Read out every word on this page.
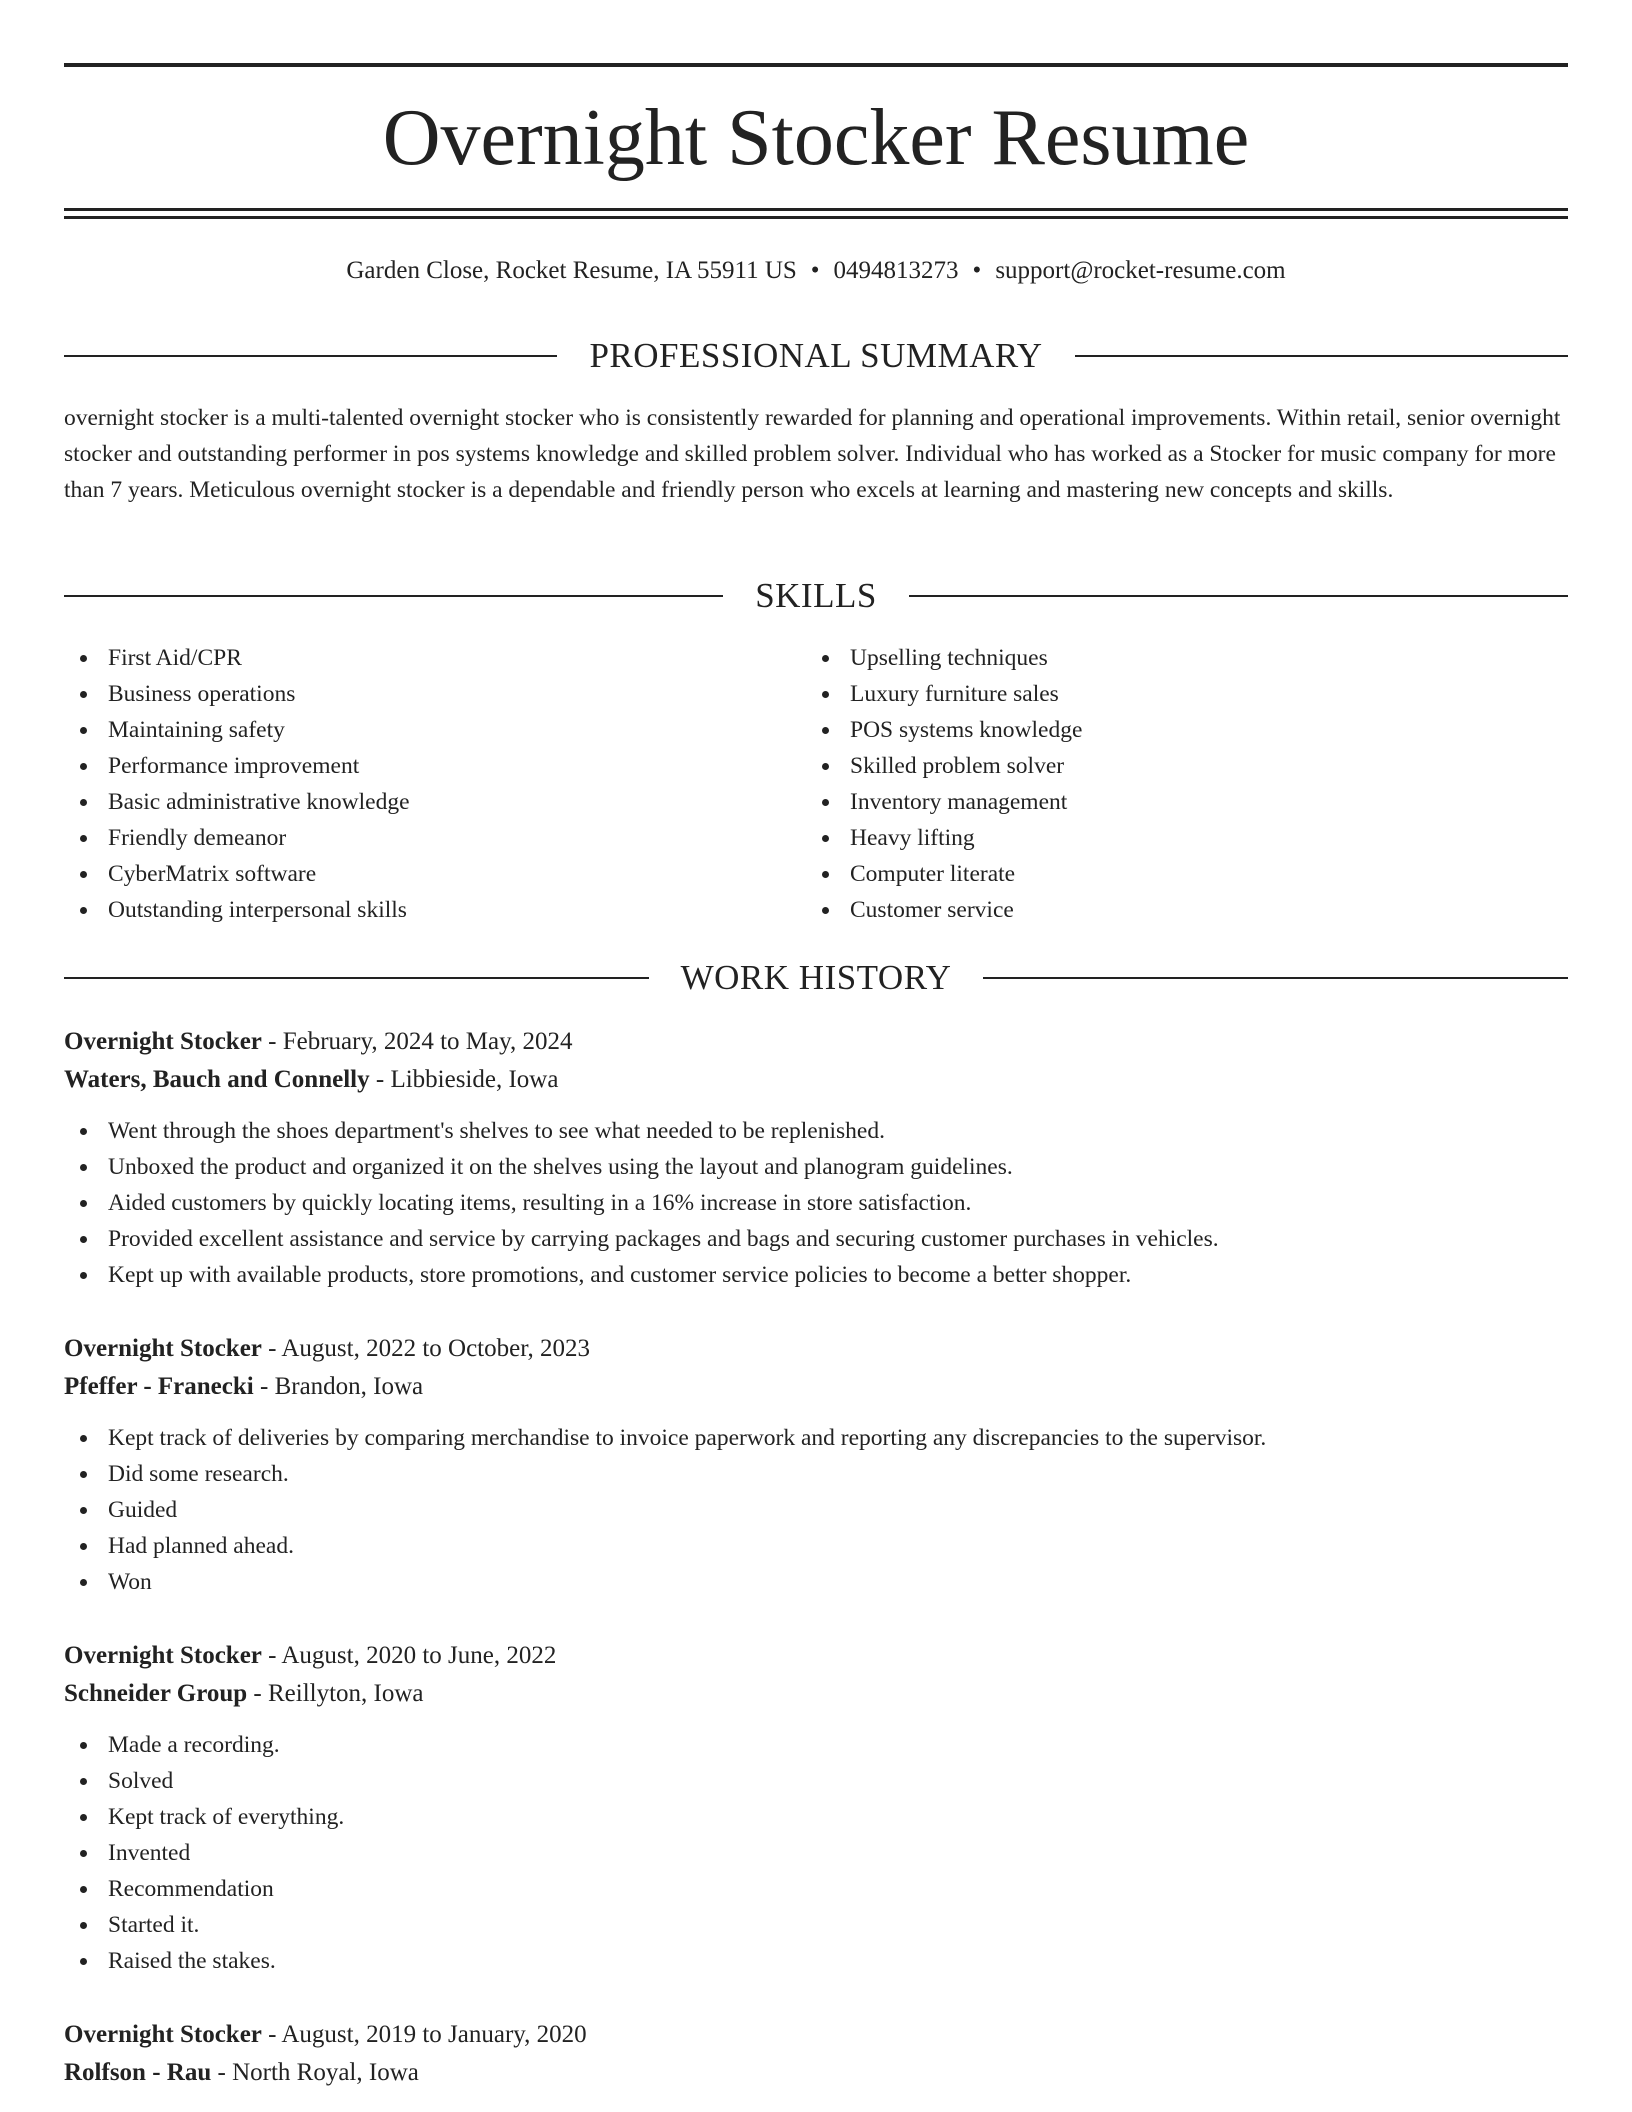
Overnight Stocker Resume
Garden Close, Rocket Resume, IA 55911 US • 0494813273 • support@rocket-resume.com
PROFESSIONAL SUMMARY

overnight stocker is a multi-talented overnight stocker who is consistently rewarded for planning and operational improvements. Within retail, senior overnight stocker and outstanding performer in pos systems knowledge and skilled problem solver. Individual who has worked as a Stocker for music company for more than 7 years. Meticulous overnight stocker is a dependable and friendly person who excels at learning and mastering new concepts and skills.

SKILLS
First Aid/CPR
Business operations
Maintaining safety
Performance improvement
Basic administrative knowledge
Friendly demeanor
CyberMatrix software
Outstanding interpersonal skills
Upselling techniques
Luxury furniture sales
POS systems knowledge
Skilled problem solver
Inventory management
Heavy lifting
Computer literate
Customer service
WORK HISTORY
Overnight Stocker - February, 2024 to May, 2024
Waters, Bauch and Connelly - Libbieside, Iowa
Went through the shoes department's shelves to see what needed to be replenished.
Unboxed the product and organized it on the shelves using the layout and planogram guidelines.
Aided customers by quickly locating items, resulting in a 16% increase in store satisfaction.
Provided excellent assistance and service by carrying packages and bags and securing customer purchases in vehicles.
Kept up with available products, store promotions, and customer service policies to become a better shopper.
Overnight Stocker - August, 2022 to October, 2023
Pfeffer - Franecki - Brandon, Iowa
Kept track of deliveries by comparing merchandise to invoice paperwork and reporting any discrepancies to the supervisor.
Did some research.
Guided
Had planned ahead.
Won
Overnight Stocker - August, 2020 to June, 2022
Schneider Group - Reillyton, Iowa
Made a recording.
Solved
Kept track of everything.
Invented
Recommendation
Started it.
Raised the stakes.
Overnight Stocker - August, 2019 to January, 2020
Rolfson - Rau - North Royal, Iowa
